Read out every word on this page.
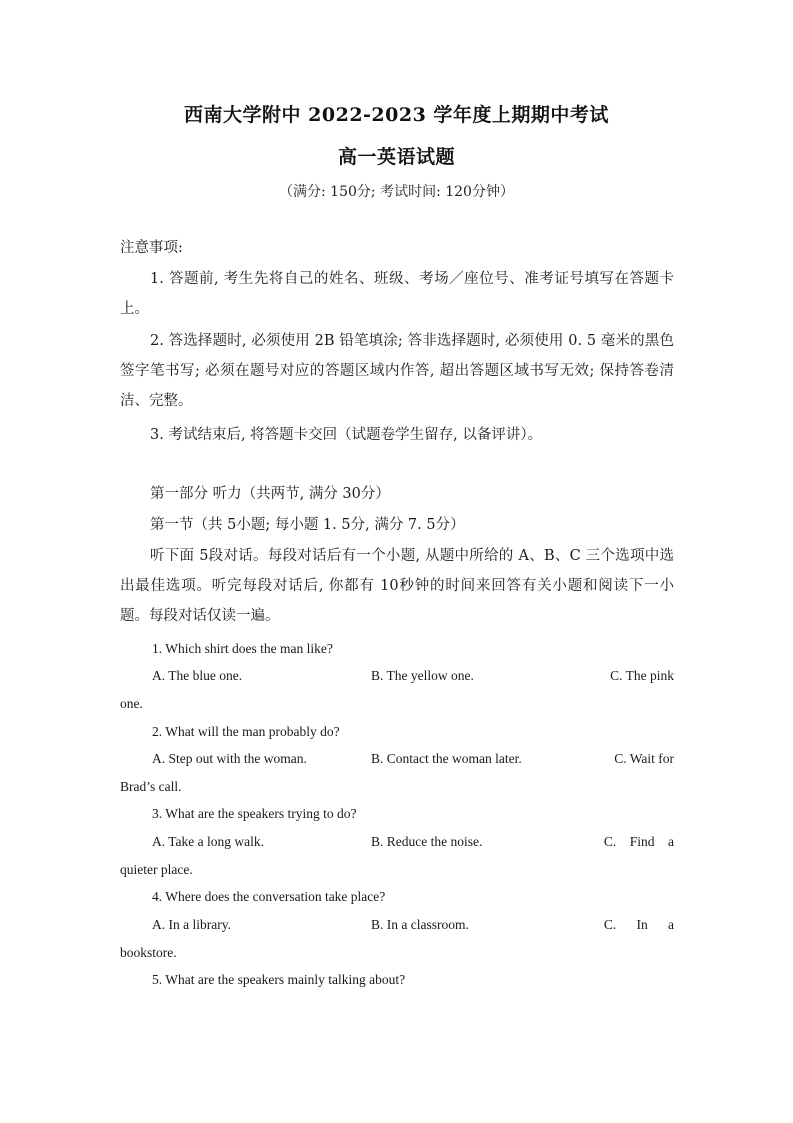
西南大学附中 2022-2023 学年度上期期中考试
高一英语试题
（满分: 150分; 考试时间: 120分钟）
注意事项:
1. 答题前, 考生先将自己的姓名、班级、考场／座位号、准考证号填写在答题卡上。
2. 答选择题时, 必须使用 2B 铅笔填涂; 答非选择题时, 必须使用 0. 5 毫米的黑色签字笔书写; 必须在题号对应的答题区域内作答, 超出答题区域书写无效; 保持答卷清洁、完整。
3. 考试结束后, 将答题卡交回（试题卷学生留存, 以备评讲）。
第一部分 听力（共两节, 满分 30分）
第一节（共 5小题; 每小题 1. 5分, 满分 7. 5分）
听下面 5段对话。每段对话后有一个小题, 从题中所给的 A、B、C 三个选项中选出最佳选项。听完每段对话后, 你都有 10秒钟的时间来回答有关小题和阅读下一小题。每段对话仅读一遍。
1. Which shirt does the man like?
A. The blue one.	B. The yellow one.	C. The pink
one.
2. What will the man probably do?
A. Step out with the woman.	B. Contact the woman later.	C. Wait for
Brad’s call.
3. What are the speakers trying to do?
A. Take a long walk.	B. Reduce the noise.	C.    Find    a
quieter place.
4. Where does the conversation take place?
A. In a library.	B. In a classroom.	C.      In      a
bookstore.
5. What are the speakers mainly talking about?
